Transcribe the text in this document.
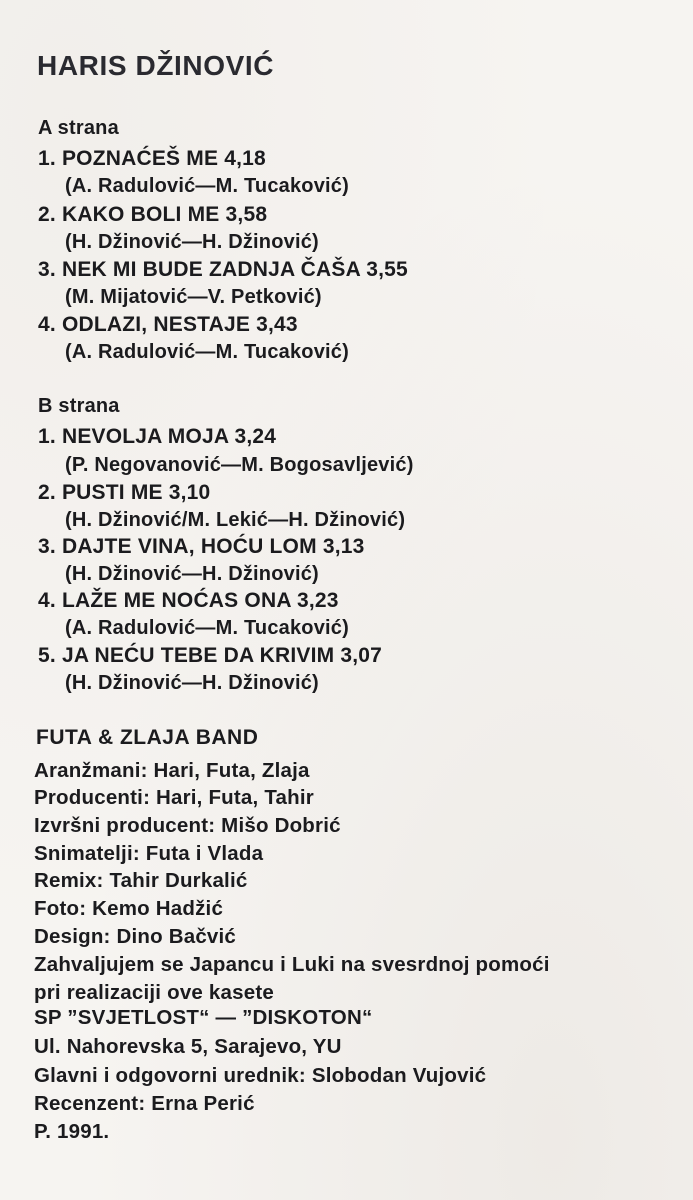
HARIS DŽINOVIĆ
A strana
1. POZNAĆEŠ ME 4,18
(A. Radulović—M. Tucaković)
2. KAKO BOLI ME 3,58
(H. Džinović—H. Džinović)
3. NEK MI BUDE ZADNJA ČAŠA 3,55
(M. Mijatović—V. Petković)
4. ODLAZI, NESTAJE 3,43
(A. Radulović—M. Tucaković)
B strana
1. NEVOLJA MOJA 3,24
(P. Negovanović—M. Bogosavljević)
2. PUSTI ME 3,10
(H. Džinović/M. Lekić—H. Džinović)
3. DAJTE VINA, HOĆU LOM 3,13
(H. Džinović—H. Džinović)
4. LAŽE ME NOĆAS ONA 3,23
(A. Radulović—M. Tucaković)
5. JA NEĆU TEBE DA KRIVIM 3,07
(H. Džinović—H. Džinović)
FUTA & ZLAJA BAND
Aranžmani: Hari, Futa, Zlaja
Producenti: Hari, Futa, Tahir
Izvršni producent: Mišo Dobrić
Snimatelji: Futa i Vlada
Remix: Tahir Durkalić
Foto: Kemo Hadžić
Design: Dino Bačvić
Zahvaljujem se Japancu i Luki na svesrdnoj pomoći
pri realizaciji ove kasete
SP ”SVJETLOST“ — ”DISKOTON“
Ul. Nahorevska 5, Sarajevo, YU
Glavni i odgovorni urednik: Slobodan Vujović
Recenzent: Erna Perić
P. 1991.
